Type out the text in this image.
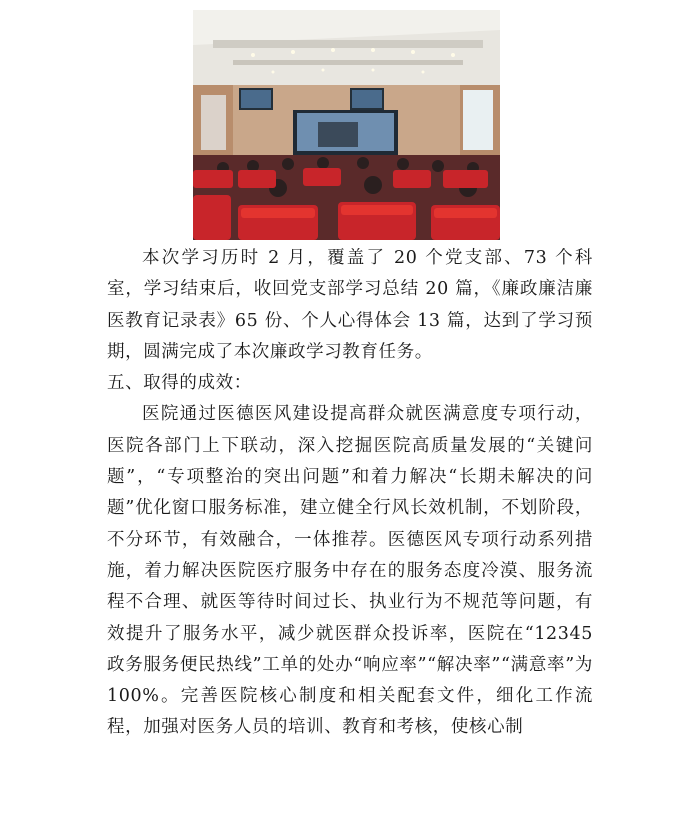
本次学习历时 2 月，覆盖了 20 个党支部、73 个科室，学习结束后，收回党支部学习总结 20 篇，《廉政廉洁廉医教育记录表》65 份、个人心得体会 13 篇，达到了学习预期，圆满完成了本次廉政学习教育任务。

五、取得的成效：

医院通过医德医风建设提高群众就医满意度专项行动，医院各部门上下联动，深入挖掘医院高质量发展的“关键问题”，“专项整治的突出问题”和着力解决“长期未解决的问题”优化窗口服务标准，建立健全行风长效机制，不划阶段，不分环节，有效融合，一体推荐。医德医风专项行动系列措施，着力解决医院医疗服务中存在的服务态度冷漠、服务流程不合理、就医等待时间过长、执业行为不规范等问题，有效提升了服务水平，减少就医群众投诉率，医院在“12345 政务服务便民热线”工单的处办“响应率”“解决率”“满意率”为 100%。完善医院核心制度和相关配套文件，细化工作流程，加强对医务人员的培训、教育和考核，使核心制
